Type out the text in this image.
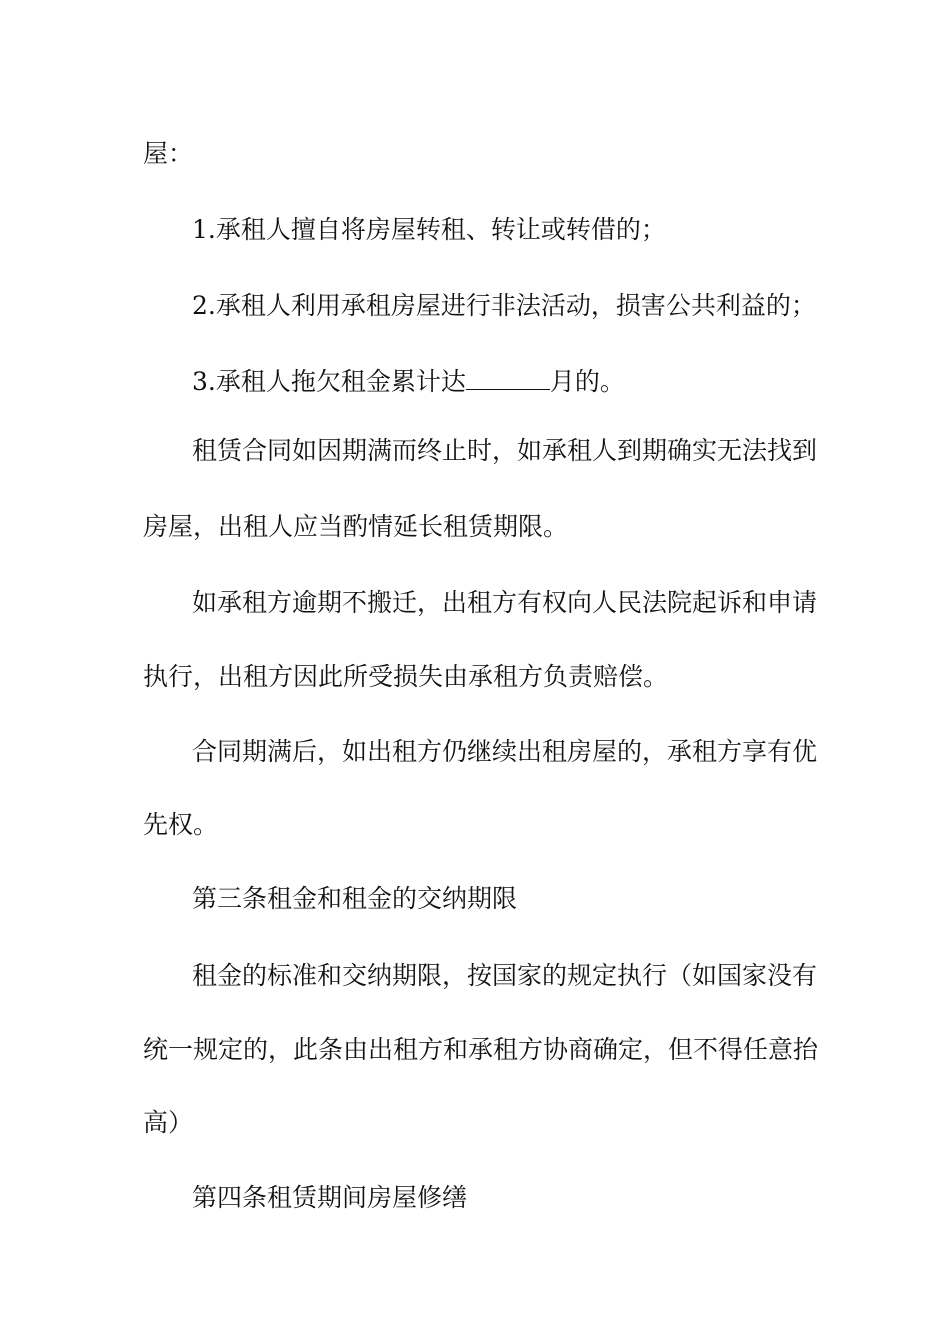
屋：
1.承租人擅自将房屋转租、转让或转借的；
2.承租人利用承租房屋进行非法活动，损害公共利益的；
3.承租人拖欠租金累计达	月的。
租赁合同如因期满而终止时，如承租人到期确实无法找到
房屋，出租人应当酌情延长租赁期限。
如承租方逾期不搬迁，出租方有权向人民法院起诉和申请
执行，出租方因此所受损失由承租方负责赔偿。
合同期满后，如出租方仍继续出租房屋的，承租方享有优
先权。
第三条租金和租金的交纳期限
租金的标准和交纳期限，按国家的规定执行（如国家没有
统一规定的，此条由出租方和承租方协商确定，但不得任意抬
高）
第四条租赁期间房屋修缮
